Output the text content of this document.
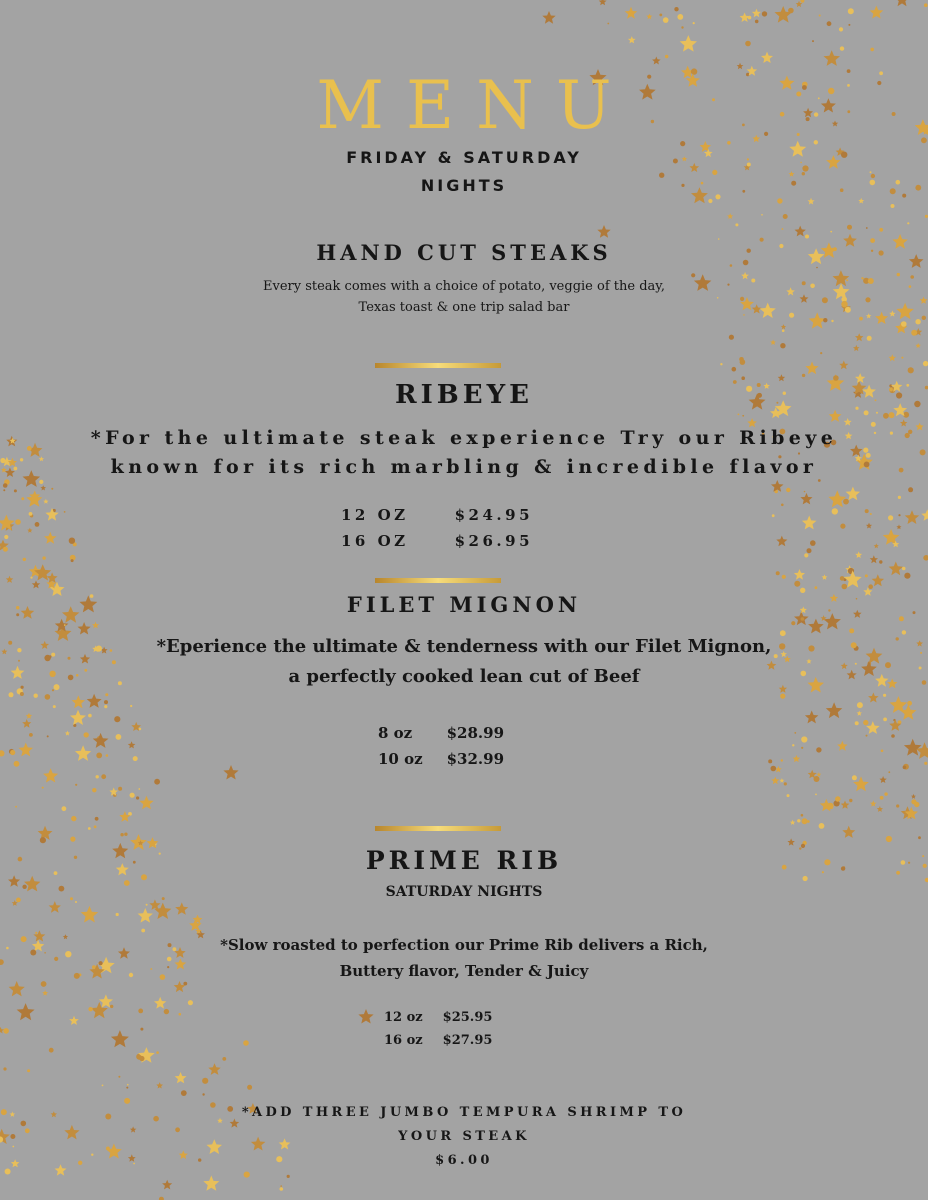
MENU
FRIDAY & SATURDAY
NIGHTS
HAND CUT STEAKS
Every steak comes with a choice of potato, veggie of the day,
Texas toast & one trip salad bar
RIBEYE
*For the ultimate steak experience Try our Ribeye
known for its rich marbling & incredible flavor
12 OZ	$24.95
16 OZ	$26.95
FILET MIGNON
*Eperience the ultimate & tenderness with our Filet Mignon,
a perfectly cooked lean cut of Beef
8 oz	$28.99
10 oz $32.99
PRIME RIB
SATURDAY NIGHTS
*Slow roasted to perfection our Prime Rib delivers a Rich,
Buttery flavor, Tender & Juicy
12 oz $25.95
16 oz $27.95
*ADD THREE JUMBO TEMPURA SHRIMP TO
YOUR STEAK
$6.00
